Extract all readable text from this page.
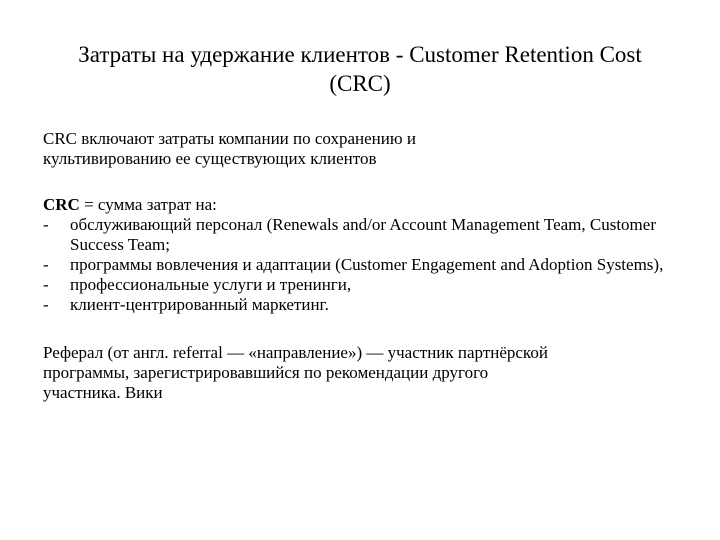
Затраты на удержание клиентов - Customer Retention Cost
(CRC)
CRC включают затраты компании по сохранению и
культивированию ее существующих клиентов
CRC = сумма затрат на:
- обслуживающий персонал (Renewals and/or Account Management Team, Customer Success Team;
- программы вовлечения и адаптации (Customer Engagement and Adoption Systems),
- профессиональные услуги и тренинги,
- клиент-центрированный маркетинг.
Реферал (от англ. referral — «направление») — участник партнёрской
программы, зарегистрировавшийся по рекомендации другого
участника. Вики
